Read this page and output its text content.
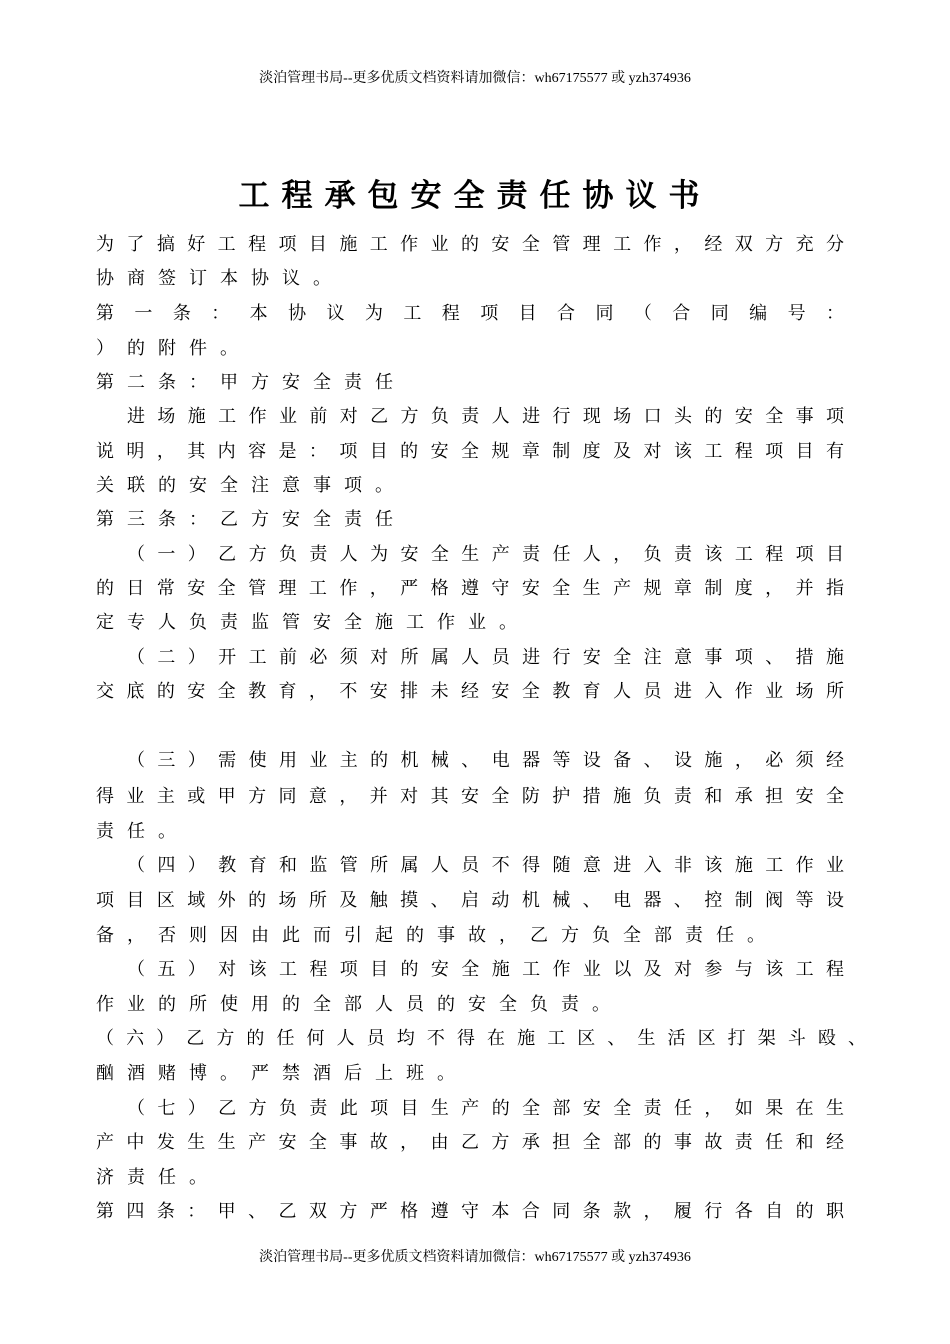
淡泊管理书局--更多优质文档资料请加微信：wh67175577 或 yzh374936
工程承包安全责任协议书
为了搞好工程项目施工作业的安全管理工作，经双方充分
协商签订本协议。
第 一 条 ： 本 协 议 为 工 程 项 目 合 同 （ 合 同 编 号 ：
）的附件。
第二条：甲方安全责任
进场施工作业前对乙方负责人进行现场口头的安全事项
说明，其内容是：项目的安全规章制度及对该工程项目有
关联的安全注意事项。
第三条：乙方安全责任
（一）乙方负责人为安全生产责任人，负责该工程项目
的日常安全管理工作，严格遵守安全生产规章制度，并指
定专人负责监管安全施工作业。
（二）开工前必须对所属人员进行安全注意事项、措施
交底的安全教育，不安排未经安全教育人员进入作业场所
（三）需使用业主的机械、电器等设备、设施，必须经
得业主或甲方同意，并对其安全防护措施负责和承担安全
责任。
（四）教育和监管所属人员不得随意进入非该施工作业
项目区域外的场所及触摸、启动机械、电器、控制阀等设
备，否则因由此而引起的事故，乙方负全部责任。
（五）对该工程项目的安全施工作业以及对参与该工程
作业的所使用的全部人员的安全负责。
（六）乙方的任何人员均不得在施工区、生活区打架斗殴、
酗酒赌博。严禁酒后上班。
（七）乙方负责此项目生产的全部安全责任，如果在生
产中发生生产安全事故，由乙方承担全部的事故责任和经
济责任。
第四条：甲、乙双方严格遵守本合同条款，履行各自的职
淡泊管理书局--更多优质文档资料请加微信：wh67175577 或 yzh374936
